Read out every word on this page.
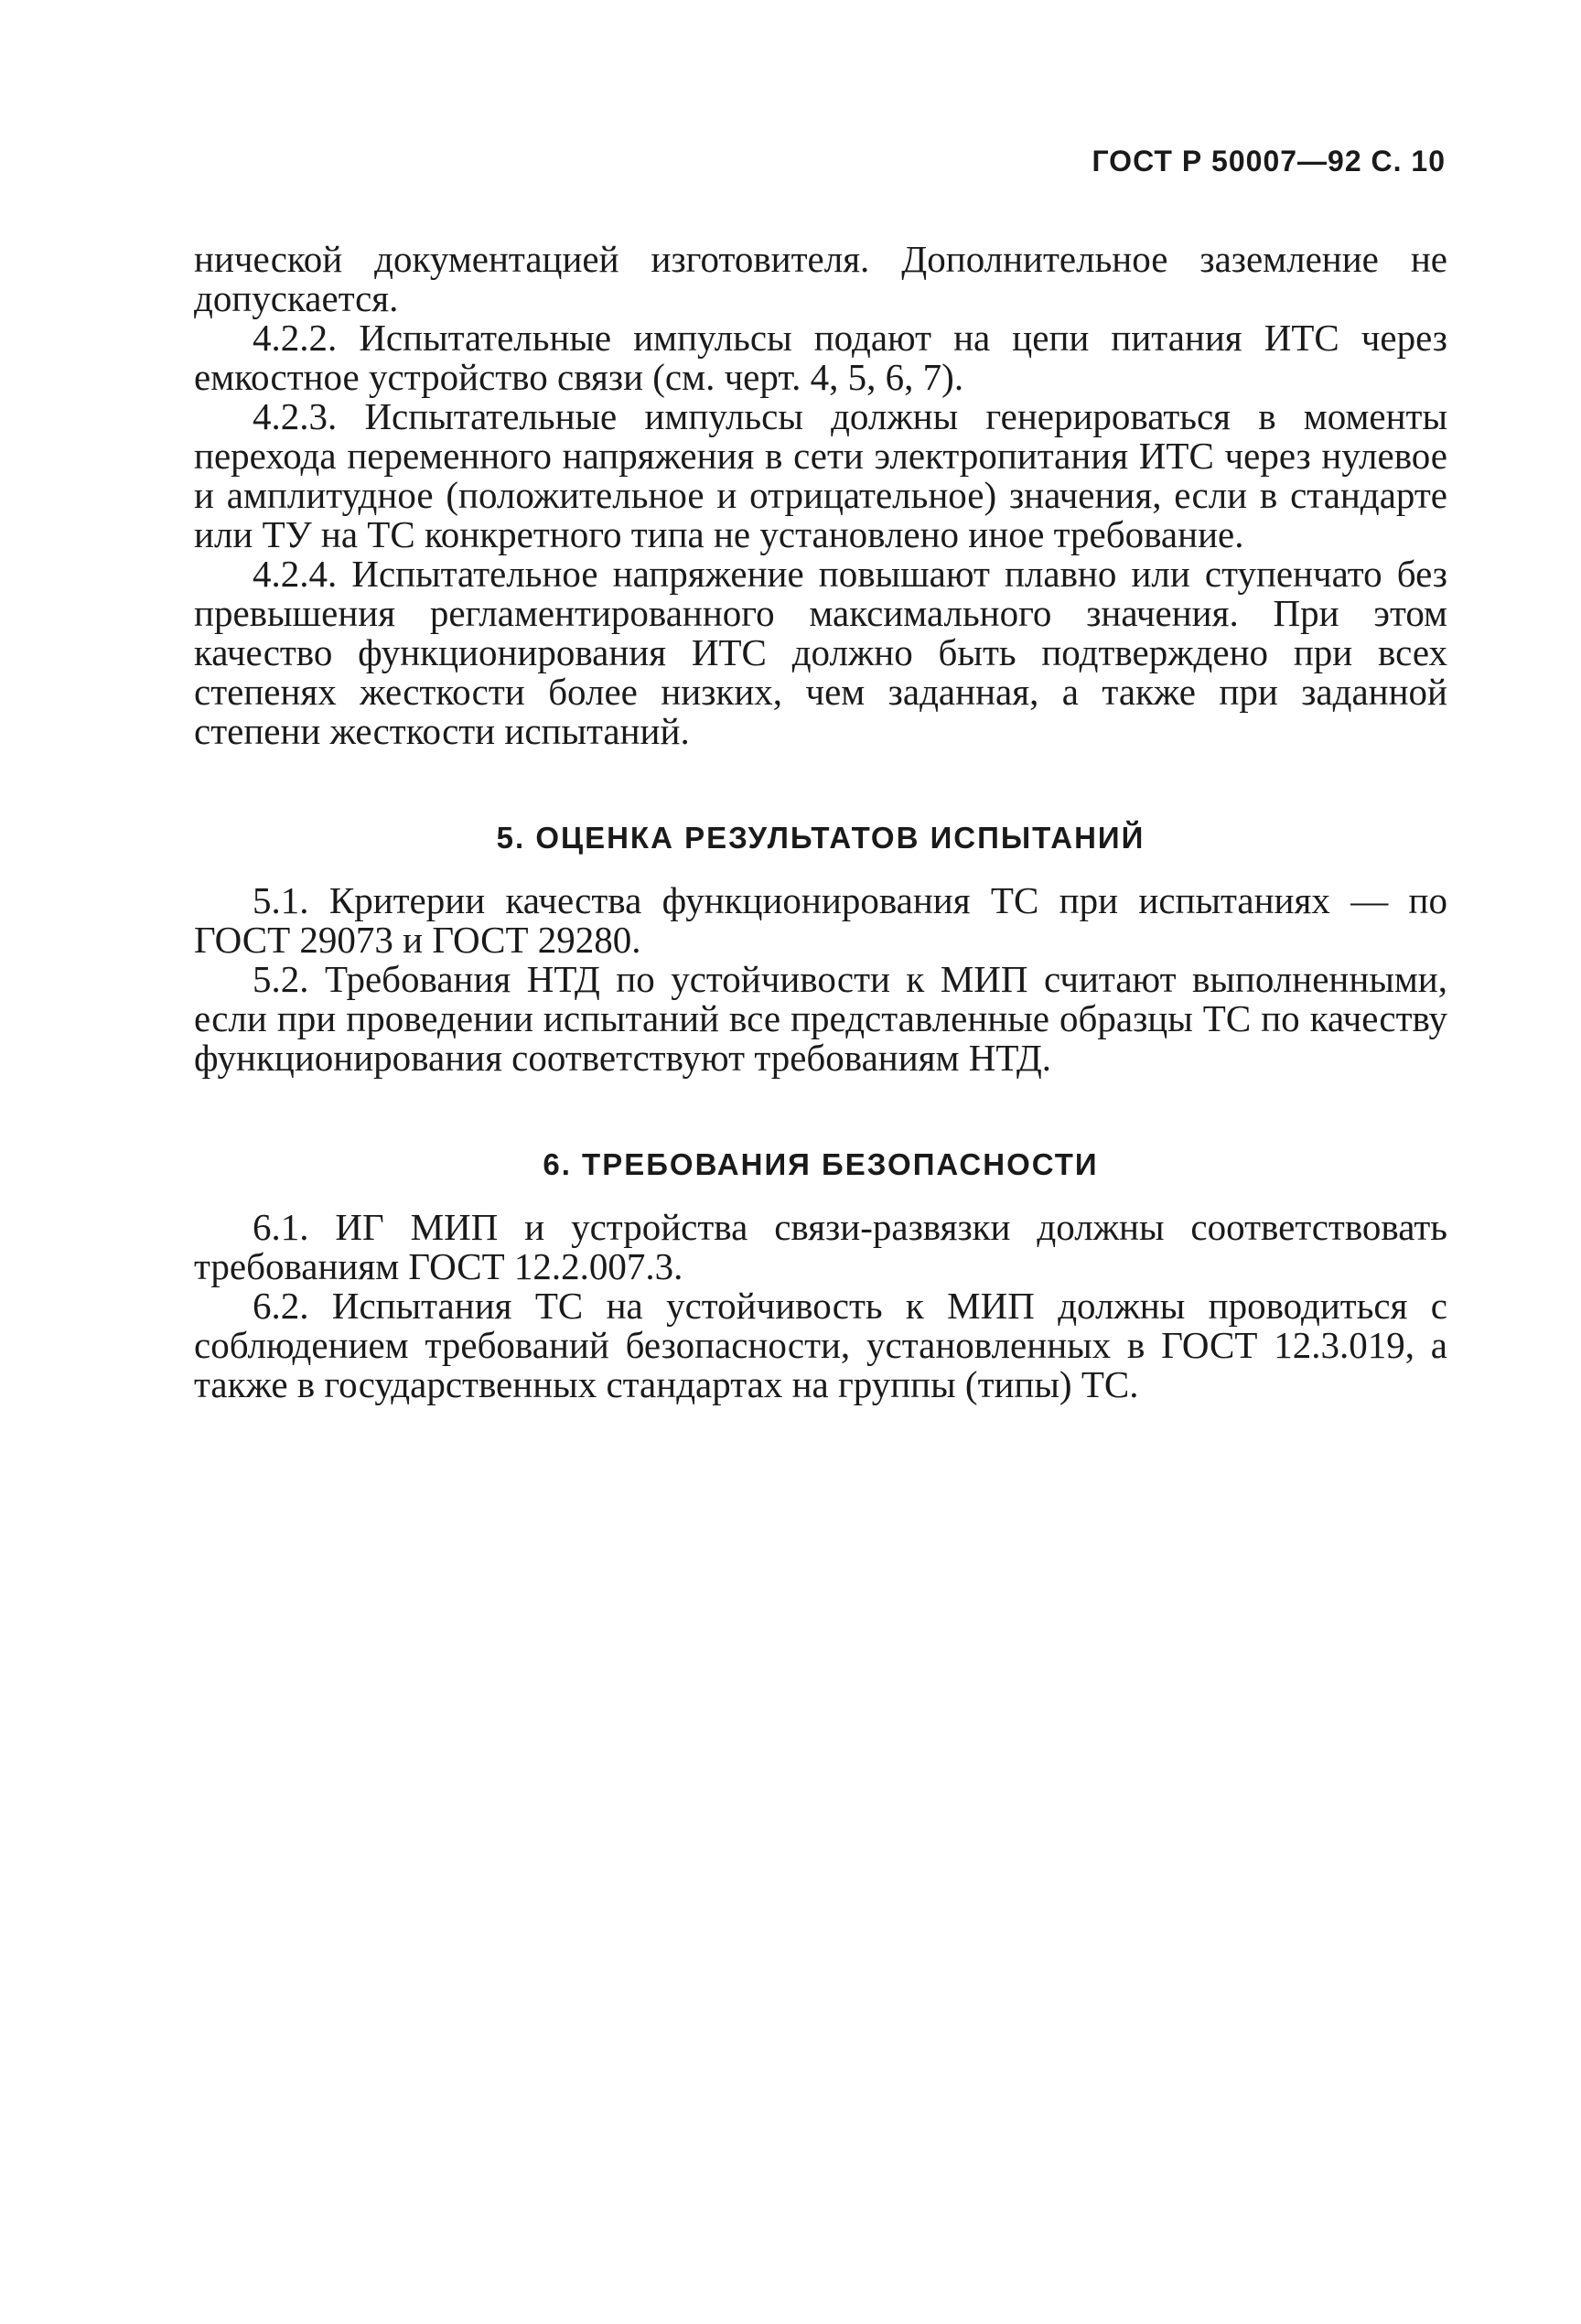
ГОСТ Р 50007—92 С. 10

нической документацией изготовителя. Дополнительное заземление не допускается.

4.2.2. Испытательные импульсы подают на цепи питания ИТС через емкостное устройство связи (см. черт. 4, 5, 6, 7).

4.2.3. Испытательные импульсы должны генерироваться в моменты перехода переменного напряжения в сети электропитания ИТС через нулевое и амплитудное (положительное и отрицательное) значения, если в стандарте или ТУ на ТС конкретного типа не установлено иное требование.

4.2.4. Испытательное напряжение повышают плавно или ступенчато без превышения регламентированного максимального значения. При этом качество функционирования ИТС должно быть подтверждено при всех степенях жесткости более низких, чем заданная, а также при заданной степени жесткости испытаний.

5. ОЦЕНКА РЕЗУЛЬТАТОВ ИСПЫТАНИЙ

5.1. Критерии качества функционирования ТС при испытаниях — по ГОСТ 29073 и ГОСТ 29280.

5.2. Требования НТД по устойчивости к МИП считают выполненными, если при проведении испытаний все представленные образцы ТС по качеству функционирования соответствуют требованиям НТД.

6. ТРЕБОВАНИЯ БЕЗОПАСНОСТИ

6.1. ИГ МИП и устройства связи-развязки должны соответствовать требованиям ГОСТ 12.2.007.3.

6.2. Испытания ТС на устойчивость к МИП должны проводиться с соблюдением требований безопасности, установленных в ГОСТ 12.3.019, а также в государственных стандартах на группы (типы) ТС.
